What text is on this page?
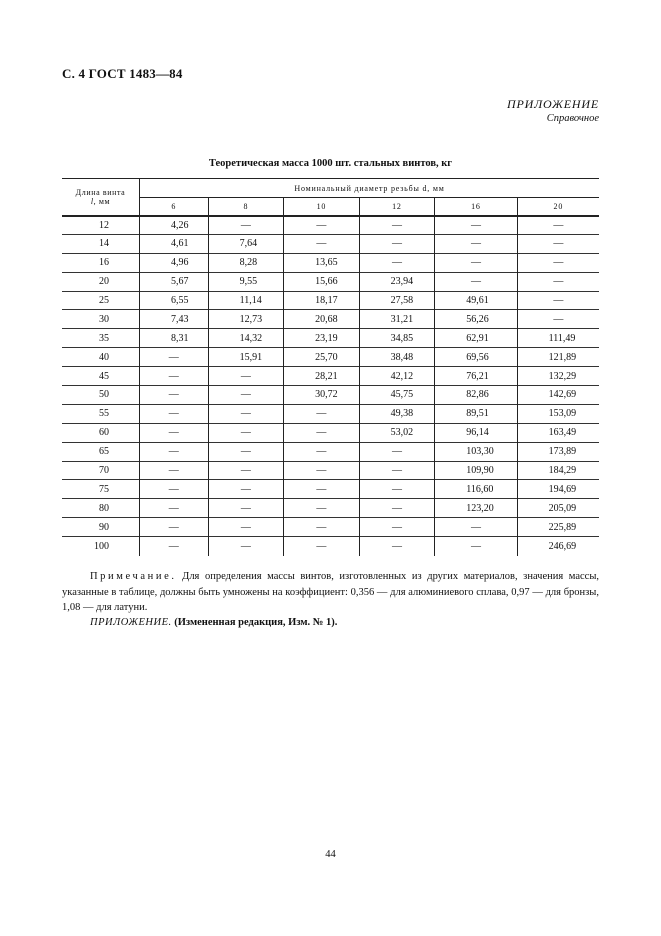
С. 4 ГОСТ 1483—84
ПРИЛОЖЕНИЕ
Справочное
Теоретическая масса 1000 шт. стальных винтов, кг
Длина винта
l, мм	Номинальный диаметр резьбы d, мм					
	6	8	10	12	16	20
12	4,26	—	—	—	—	—
14	4,61	7,64	—	—	—	—
16	4,96	8,28	13,65	—	—	—
20	5,67	9,55	15,66	23,94	—	—
25	6,55	11,14	18,17	27,58	49,61	—
30	7,43	12,73	20,68	31,21	56,26	—
35	8,31	14,32	23,19	34,85	62,91	111,49
40	—	15,91	25,70	38,48	69,56	121,89
45	—	—	28,21	42,12	76,21	132,29
50	—	—	30,72	45,75	82,86	142,69
55	—	—	—	49,38	89,51	153,09
60	—	—	—	53,02	96,14	163,49
65	—	—	—	—	103,30	173,89
70	—	—	—	—	109,90	184,29
75	—	—	—	—	116,60	194,69
80	—	—	—	—	123,20	205,09
90	—	—	—	—	—	225,89
100	—	—	—	—	—	246,69
Примечание. Для определения массы винтов, изготовленных из других материалов, значения массы, указанные в таблице, должны быть умножены на коэффициент: 0,356 — для алюминиевого сплава, 0,97 — для бронзы, 1,08 — для латуни.
ПРИЛОЖЕНИЕ. (Измененная редакция, Изм. № 1).
44
